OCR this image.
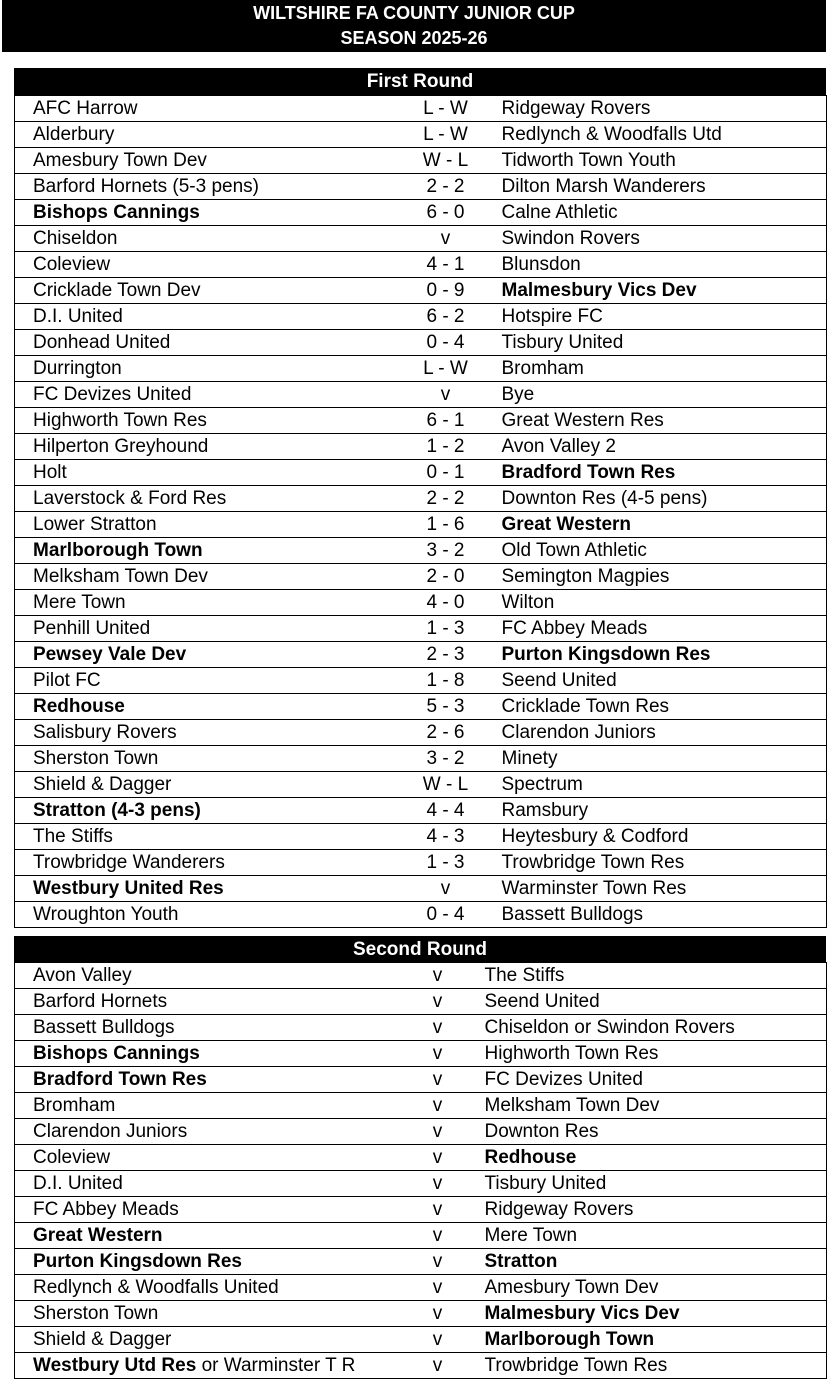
WILTSHIRE FA COUNTY JUNIOR CUP
SEASON 2025-26
First Round
AFC Harrow	L - W	Ridgeway Rovers
Alderbury	L - W	Redlynch & Woodfalls Utd
Amesbury Town Dev	W - L	Tidworth Town Youth
Barford Hornets (5-3 pens)	2 - 2	Dilton Marsh Wanderers
Bishops Cannings	6 - 0	Calne Athletic
Chiseldon	v	Swindon Rovers
Coleview	4 - 1	Blunsdon
Cricklade Town Dev	0 - 9	Malmesbury Vics Dev
D.I. United	6 - 2	Hotspire FC
Donhead United	0 - 4	Tisbury United
Durrington	L - W	Bromham
FC Devizes United	v	Bye
Highworth Town Res	6 - 1	Great Western Res
Hilperton Greyhound	1 - 2	Avon Valley 2
Holt	0 - 1	Bradford Town Res
Laverstock & Ford Res	2 - 2	Downton Res (4-5 pens)
Lower Stratton	1 - 6	Great Western
Marlborough Town	3 - 2	Old Town Athletic
Melksham Town Dev	2 - 0	Semington Magpies
Mere Town	4 - 0	Wilton
Penhill United	1 - 3	FC Abbey Meads
Pewsey Vale Dev	2 - 3	Purton Kingsdown Res
Pilot FC	1 - 8	Seend United
Redhouse	5 - 3	Cricklade Town Res
Salisbury Rovers	2 - 6	Clarendon Juniors
Sherston Town	3 - 2	Minety
Shield & Dagger	W - L	Spectrum
Stratton (4-3 pens)	4 - 4	Ramsbury
The Stiffs	4 - 3	Heytesbury & Codford
Trowbridge Wanderers	1 - 3	Trowbridge Town Res
Westbury United Res	v	Warminster Town Res
Wroughton Youth	0 - 4	Bassett Bulldogs
Second Round
Avon Valley	v	The Stiffs
Barford Hornets	v	Seend United
Bassett Bulldogs	v	Chiseldon or Swindon Rovers
Bishops Cannings	v	Highworth Town Res
Bradford Town Res	v	FC Devizes United
Bromham	v	Melksham Town Dev
Clarendon Juniors	v	Downton Res
Coleview	v	Redhouse
D.I. United	v	Tisbury United
FC Abbey Meads	v	Ridgeway Rovers
Great Western	v	Mere Town
Purton Kingsdown Res	v	Stratton
Redlynch & Woodfalls United	v	Amesbury Town Dev
Sherston Town	v	Malmesbury Vics Dev
Shield & Dagger	v	Marlborough Town
Westbury Utd Res or Warminster T R	v	Trowbridge Town Res
